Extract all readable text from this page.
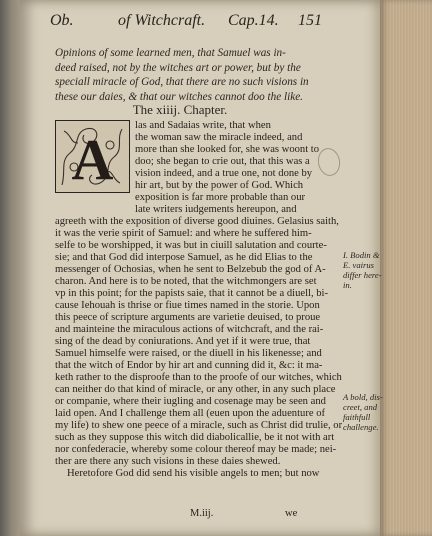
Ob.	of Witchcraft. Cap.14. 151
Opinions of some learned men, that Samuel was in-
deed raised, not by the witches art or power, but by the
speciall miracle of God, that there are no such visions in
these our daies, & that our witches cannot doo the like.
The xiiij. Chapter.
A
las and Sadaias write, that when
the woman saw the miracle indeed, and
more than she looked for, she was woont to
doo; she began to crie out, that this was a
vision indeed, and a true one, not done by
hir art, but by the power of God. Which
exposition is far more probable than our
late writers iudgements hereupon, and
agreeth with the exposition of diverse good diuines. Gelasius saith,
it was the verie spirit of Samuel: and where he suffered him-
selfe to be worshipped, it was but in ciuill salutation and courte-
sie; and that God did interpose Samuel, as he did Elias to the
messenger of Ochosias, when he sent to Belzebub the god of A-
charon. And here is to be noted, that the witchmongers are set
vp in this point; for the papists saie, that it cannot be a diuell, bi-
cause Iehouah is thrise or fiue times named in the storie. Upon
this peece of scripture arguments are varietie deuised, to proue
and mainteine the miraculous actions of witchcraft, and the rai-
sing of the dead by coniurations. And yet if it were true, that
Samuel himselfe were raised, or the diuell in his likenesse; and
that the witch of Endor by hir art and cunning did it, &c: it ma-
keth rather to the disproofe than to the proofe of our witches, which
can neither do that kind of miracle, or any other, in any such place
or companie, where their iugling and cosenage may be seen and
laid open. And I challenge them all (euen upon the aduenture of
my life) to shew one peece of a miracle, such as Christ did trulie, or
such as they suppose this witch did diabolicallie, be it not with art
nor confederacie, whereby some colour thereof may be made; nei-
ther are there any such visions in these daies shewed.
Heretofore God did send his visible angels to men; but now
I. Bodin &
E. vairus
differ here-
in.
A bold, dis-
creet, and
faithfull
challenge.
M.iij.	we
